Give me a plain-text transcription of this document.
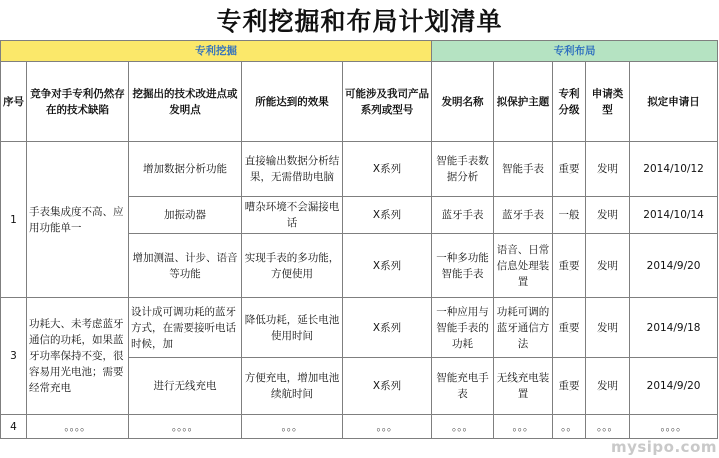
专利挖掘和布局计划清单
专利挖掘					专利布局				
序号	竞争对手专利仍然存在的技术缺陷	挖掘出的技术改进点或发明点	所能达到的效果	可能涉及我司产品系列或型号	发明名称	拟保护主题	专利分级	申请类型	拟定申请日
1	手表集成度不高、应用功能单一	增加数据分析功能	直接输出数据分析结果，无需借助电脑	X系列	智能手表数据分析	智能手表	重要	发明	2014/10/12
		加振动器	嘈杂环境不会漏接电话	X系列	蓝牙手表	蓝牙手表	一般	发明	2014/10/14
		增加测温、计步、语音等功能	实现手表的多功能，方便使用	X系列	一种多功能智能手表	语音、日常信息处理装置	重要	发明	2014/9/20
3	功耗大、未考虑蓝牙通信的功耗，如果蓝牙功率保持不变，很容易用光电池；需要经常充电	设计成可调功耗的蓝牙方式，在需要接听电话时候，加	降低功耗，延长电池使用时间	X系列	一种应用与智能手表的功耗	功耗可调的蓝牙通信方法	重要	发明	2014/9/18
		进行无线充电	方便充电，增加电池续航时间	X系列	智能充电手表	无线充电装置	重要	发明	2014/9/20
4	。。。。	。。。。	。。。	。。。	。。。	。。。	。。	。。。	。。。。
mysipo.com
